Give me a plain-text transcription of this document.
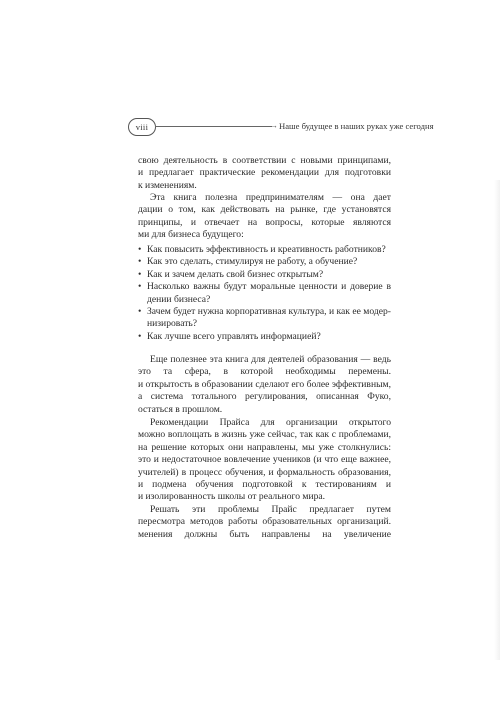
viii	→ Наше будущее в наших руках уже сегодня
свою деятельность в соответствии с новыми принципами,
и предлагает практические рекомендации для подготовки
к изменениям.
Эта книга полезна предпринимателям — она дает
дации о том, как действовать на рынке, где установятся
принципы, и отвечает на вопросы, которые являются
ми для бизнеса будущего:
• Как повысить эффективность и креативность работников?
• Как это сделать, стимулируя не работу, а обучение?
• Как и зачем делать свой бизнес открытым?
• Насколько важны будут моральные ценности и доверие в
дении бизнеса?
• Зачем будет нужна корпоративная культура, и как ее модер-
низировать?
• Как лучше всего управлять информацией?
Еще полезнее эта книга для деятелей образования — ведь
это та сфера, в которой необходимы перемены.
и открытость в образовании сделают его более эффективным,
а система тотального регулирования, описанная Фуко,
остаться в прошлом.
Рекомендации Прайса для организации открытого
можно воплощать в жизнь уже сейчас, так как с проблемами,
на решение которых они направлены, мы уже столкнулись:
это и недостаточное вовлечение учеников (и что еще важнее,
учителей) в процесс обучения, и формальность образования,
и подмена обучения подготовкой к тестированиям и
и изолированность школы от реального мира.
Решать эти проблемы Прайс предлагает путем
пересмотра методов работы образовательных организаций.
менения должны быть направлены на увеличение
